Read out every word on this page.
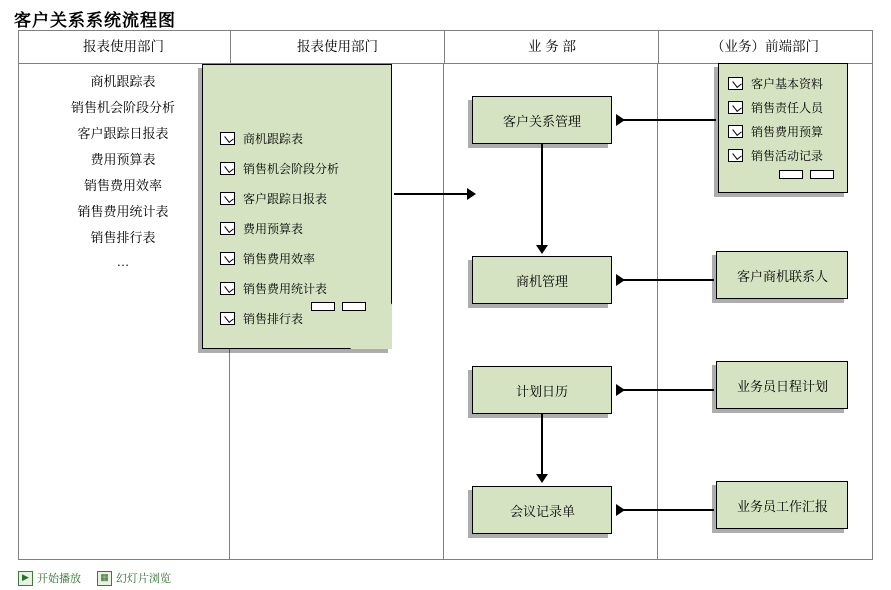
客户关系系统流程图
（业务）前端部门
业 务 部
报表使用部门
报表使用部门
客户基本资料
销售责任人员
销售费用预算
销售活动记录
客户商机联系人
业务员日程计划
业务员工作汇报
客户关系管理
商机管理
计划日历
会议记录单
商机跟踪表
销售机会阶段分析
客户跟踪日报表
费用预算表
销售费用效率
销售费用统计表
销售排行表
商机跟踪表
销售机会阶段分析
客户跟踪日报表
费用预算表
销售费用效率
销售费用统计表
销售排行表
…
▶ 开始播放	▦ 幻灯片浏览
